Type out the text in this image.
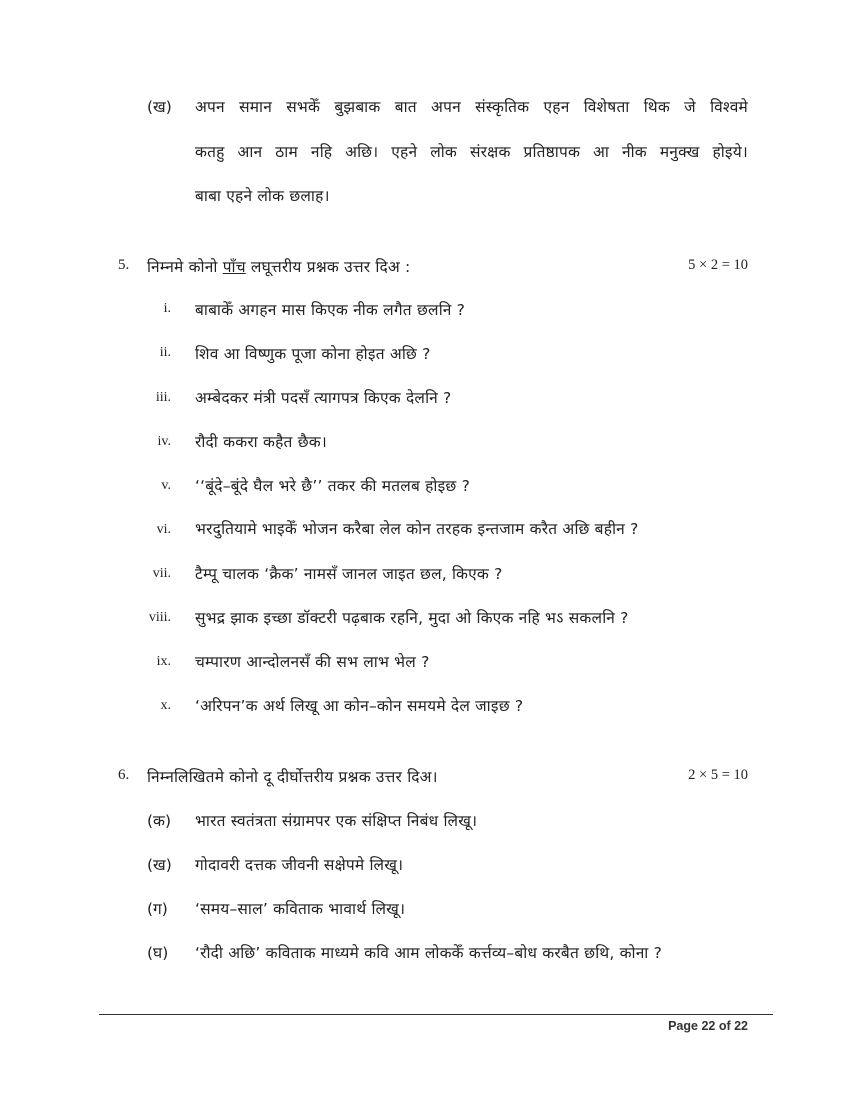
(ख) अपन समान सभकेँ बुझबाक बात अपन संस्कृतिक एहन विशेषता थिक जे विश्वमे
कतहु आन ठाम नहि अछि। एहने लोक संरक्षक प्रतिष्ठापक आ नीक मनुक्ख होइये।
बाबा एहने लोक छलाह।
5. निम्नमे कोनो पाँच लघूत्तरीय प्रश्नक उत्तर दिअ :	5 × 2 = 10
i. बाबाकेँ अगहन मास किएक नीक लगैत छलनि ?
ii. शिव आ विष्णुक पूजा कोना होइत अछि ?
iii. अम्बेदकर मंत्री पदसँ त्यागपत्र किएक देलनि ?
iv. रौदी ककरा कहैत छैक।
v. ‘‘बूंदे–बूंदे घैल भरे छै’’ तकर की मतलब होइछ ?
vi. भरदुतियामे भाइकेँ भोजन करैबा लेल कोन तरहक इन्तजाम करैत अछि बहीन ?
vii. टैम्पू चालक ‘क्रैक’ नामसँ जानल जाइत छल, किएक ?
viii. सुभद्र झाक इच्छा डॉक्टरी पढ़बाक रहनि, मुदा ओ किएक नहि भऽ सकलनि ?
ix. चम्पारण आन्दोलनसँ की सभ लाभ भेल ?
x. ‘अरिपन’क अर्थ लिखू आ कोन–कोन समयमे देल जाइछ ?
6. निम्नलिखितमे कोनो दू दीर्घोत्तरीय प्रश्नक उत्तर दिअ।	2 × 5 = 10
(क) भारत स्वतंत्रता संग्रामपर एक संक्षिप्त निबंध लिखू।
(ख) गोदावरी दत्तक जीवनी सक्षेपमे लिखू।
(ग) ‘समय–साल’ कविताक भावार्थ लिखू।
(घ) ‘रौदी अछि’ कविताक माध्यमे कवि आम लोककेँ कर्त्तव्य–बोध करबैत छथि, कोना ?
Page 22 of 22
